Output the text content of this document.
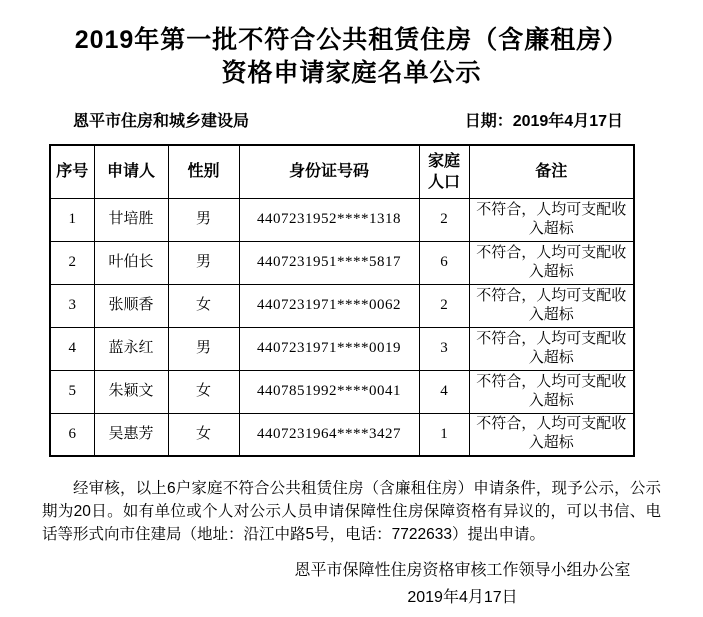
2019年第一批不符合公共租赁住房（含廉租房）
资格申请家庭名单公示
恩平市住房和城乡建设局	日期：2019年4月17日
序号	申请人	性别	身份证号码	家庭人口	备注
1	甘培胜	男	4407231952****1318	2	不符合，人均可支配收入超标
2	叶伯长	男	4407231951****5817	6	不符合，人均可支配收入超标
3	张顺香	女	4407231971****0062	2	不符合，人均可支配收入超标
4	蓝永红	男	4407231971****0019	3	不符合，人均可支配收入超标
5	朱颖文	女	4407851992****0041	4	不符合，人均可支配收入超标
6	吴惠芳	女	4407231964****3427	1	不符合，人均可支配收入超标

经审核，以上6户家庭不符合公共租赁住房（含廉租住房）申请条件，现予公示，公示期为20日。如有单位或个人对公示人员申请保障性住房保障资格有异议的，可以书信、电话等形式向市住建局（地址：沿江中路5号，电话：7722633）提出申请。

恩平市保障性住房资格审核工作领导小组办公室
2019年4月17日
